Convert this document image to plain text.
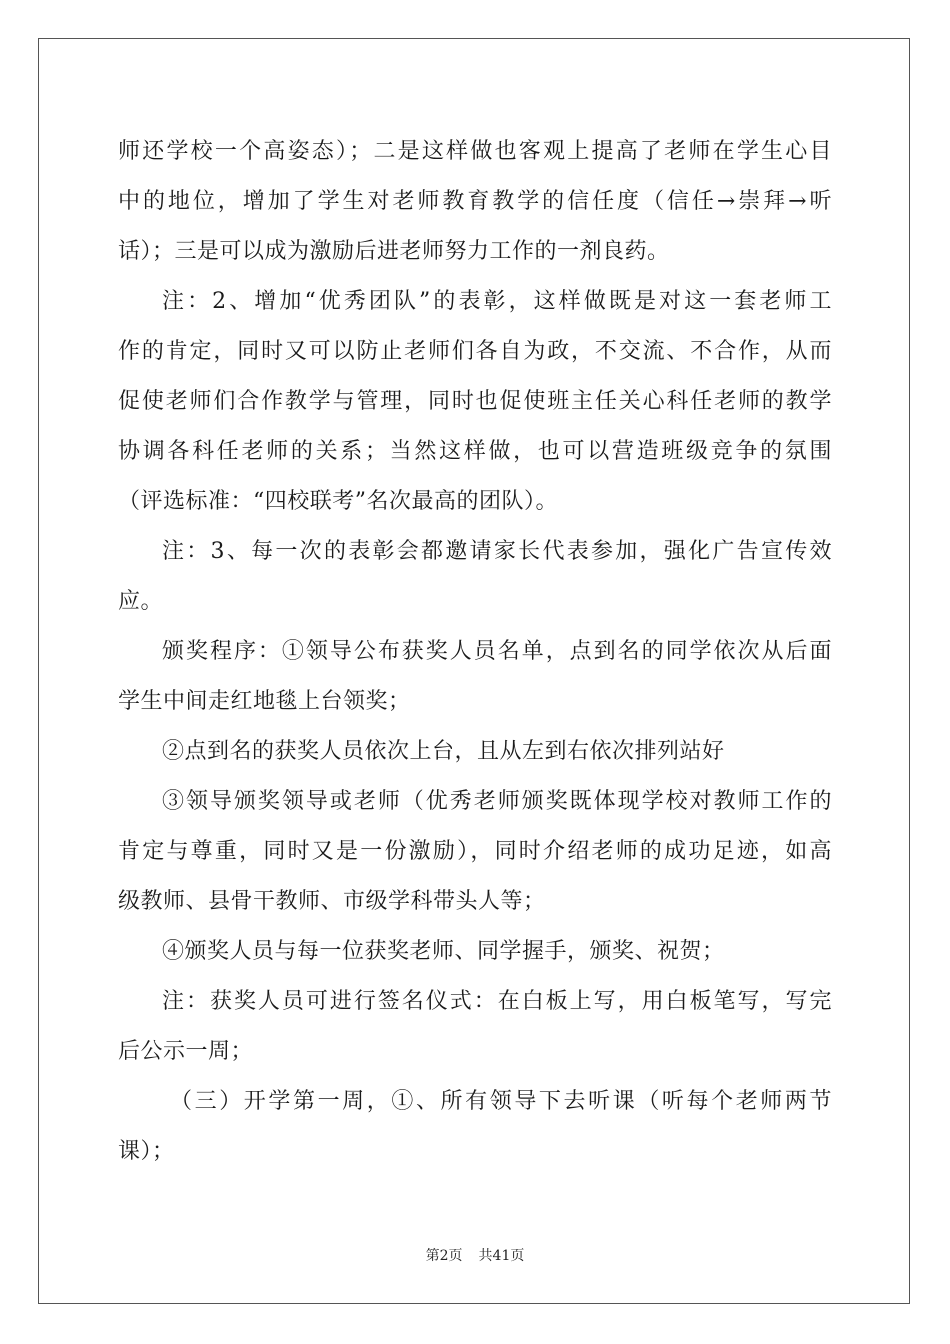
师还学校一个高姿态）；二是这样做也客观上提高了老师在学生心目
中的地位，增加了学生对老师教育教学的信任度（信任→崇拜→听
话）；三是可以成为激励后进老师努力工作的一剂良药。
注：2、增加“优秀团队”的表彰，这样做既是对这一套老师工
作的肯定，同时又可以防止老师们各自为政，不交流、不合作，从而
促使老师们合作教学与管理，同时也促使班主任关心科任老师的教学
协调各科任老师的关系；当然这样做，也可以营造班级竞争的氛围
（评选标准：“四校联考”名次最高的团队）。
注：3、每一次的表彰会都邀请家长代表参加，强化广告宣传效
应。
颁奖程序：①领导公布获奖人员名单，点到名的同学依次从后面
学生中间走红地毯上台领奖；
②点到名的获奖人员依次上台，且从左到右依次排列站好
③领导颁奖领导或老师（优秀老师颁奖既体现学校对教师工作的
肯定与尊重，同时又是一份激励），同时介绍老师的成功足迹，如高
级教师、县骨干教师、市级学科带头人等；
④颁奖人员与每一位获奖老师、同学握手，颁奖、祝贺；
注：获奖人员可进行签名仪式：在白板上写，用白板笔写，写完
后公示一周；
（三）开学第一周，①、所有领导下去听课（听每个老师两节
课）；
第2页 共41页
